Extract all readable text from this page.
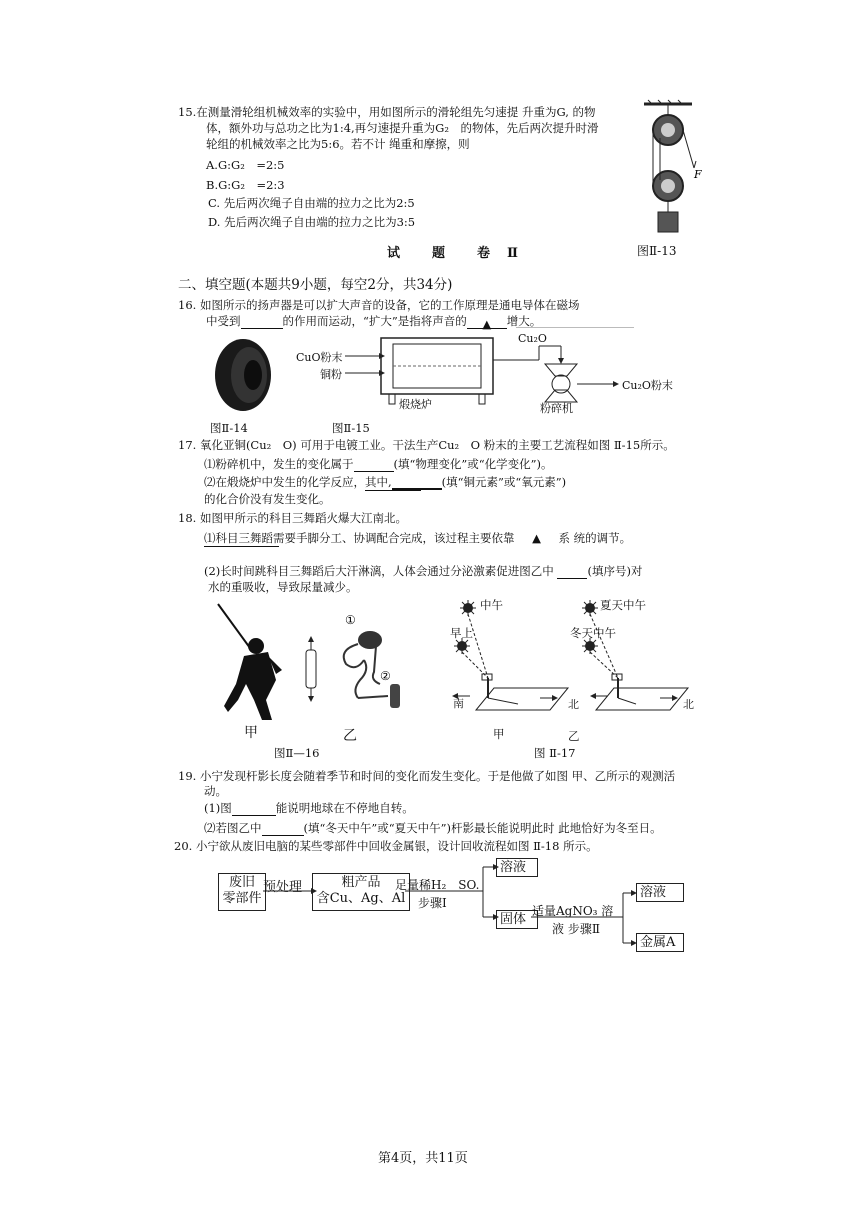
15.在测量滑轮组机械效率的实验中，用如图所示的滑轮组先匀速提 升重为G, 的物
体，额外功与总功之比为1:4,再匀速提升重为G₂　的物体，先后两次提升时滑
轮组的机械效率之比为5:6。若不计 绳重和摩擦，则
A.G:G₂　=2:5
B.G:G₂　=2:3
C. 先后两次绳子自由端的拉力之比为2:5
D. 先后两次绳子自由端的拉力之比为3:5
F
试　　题　　卷　Ⅱ	图Ⅱ-13
二、填空题(本题共9小题，每空2分，共34分)
16. 如图所示的扬声器是可以扩大声音的设备，它的工作原理是通电导体在磁场
中受到	的作用而运动，“扩大”是指将声音的 ▲ 增大。
图Ⅱ-14
CuO粉末
铜粉
Cu₂O
Cu₂O粉末
煅烧炉	粉碎机
图Ⅱ-15
17. 氧化亚铜(Cu₂　O) 可用于电镀工业。干法生产Cu₂　O 粉末的主要工艺流程如图 Ⅱ-15所示。
⑴粉碎机中，发生的变化属于	(填“物理变化”或“化学变化”)。
⑵在煅烧炉中发生的化学反应，其中,	(填“铜元素”或“氧元素”)
的化合价没有发生变化。
18. 如图甲所示的科目三舞蹈火爆大江南北。
⑴科目三舞蹈需要手脚分工、协调配合完成，该过程主要依靠 ▲ 系 统的调节。
(2)长时间跳科目三舞蹈后大汗淋漓，人体会通过分泌激素促进图乙中	(填序号)对
水的重吸收，导致尿量减少。
①
②
甲	乙
图Ⅱ—16
中午
早上
南	北
夏天中午
冬天中午
北
甲	乙
图 Ⅱ-17
19. 小宁发现杆影长度会随着季节和时间的变化而发生变化。于是他做了如图 甲、乙所示的观测活
动。
(1)图	能说明地球在不停地自转。
⑵若图乙中	(填“冬天中午”或“夏天中午”)杆影最长能说明此时 此地恰好为冬至日。
20. 小宁欲从废旧电脑的某些零部件中回收金属银，设计回收流程如图 Ⅱ-18 所示。
废旧
零部件
预处理	粗产品
含Cu、Ag、Al
足量稀H₂　SO.
步骤Ⅰ
溶液
固体
适量AgNO₃ 溶
液 步骤Ⅱ
溶液
金属A
第4页，共11页
